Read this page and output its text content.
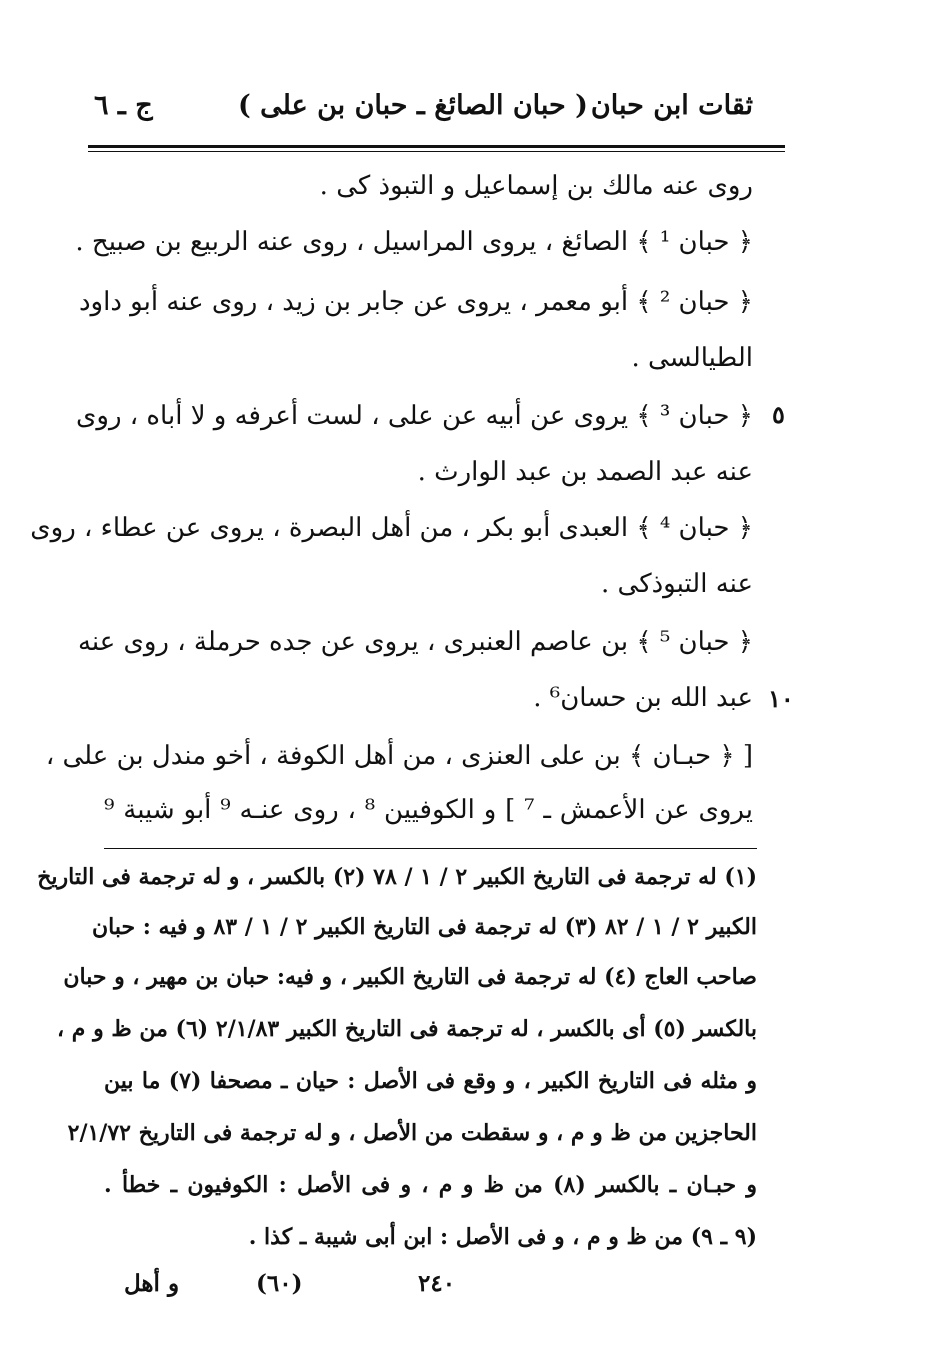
ثقات ابن حبان
( حبان الصائغ ـ حبان بن على )
ج ـ ٦
روى عنه مالك بن إسماعيل و التبوذ كى .
﴿ حبان ¹ ﴾ الصائغ ، يروى المراسيل ، روى عنه الربيع بن صبيح .
﴿ حبان ² ﴾ أبو معمر ، يروى عن جابر بن زيد ، روى عنه أبو داود
الطيالسى .
﴿ حبان ³ ﴾ يروى عن أبيه عن على ، لست أعرفه و لا أباه ، روى
عنه عبد الصمد بن عبد الوارث .
﴿ حبان ⁴ ﴾ العبدى أبو بكر ، من أهل البصرة ، يروى عن عطاء ، روى
عنه التبوذكى .
﴿ حبان ⁵ ﴾ بن عاصم العنبرى ، يروى عن جده حرملة ، روى عنه
عبد الله بن حسان⁶ .
[ ﴿ حبـان ﴾ بن على العنزى ، من أهل الكوفة ، أخو مندل بن على ،
يروى عن الأعمش ـ ⁷ ] و الكوفيين ⁸ ، روى عنـه ⁹ أبو شيبة ⁹
٥
١٠
(١) له ترجمة فى التاريخ الكبير ٢ / ١ / ٧٨ (٢) بالكسر ، و له ترجمة فى التاريخ
الكبير ٢ / ١ / ٨٢ (٣) له ترجمة فى التاريخ الكبير ٢ / ١ / ٨٣ و فيه : حبان
صاحب العاج (٤) له ترجمة فى التاريخ الكبير ، و فيه: حبان بن مهير ، و حبان
بالكسر (٥) أى بالكسر ، له ترجمة فى التاريخ الكبير ٢/١/٨٣ (٦) من ظ و م ،
و مثله فى التاريخ الكبير ، و وقع فى الأصل : حيان ـ مصحفا (٧) ما بين
الحاجزين من ظ و م ، و سقطت من الأصل ، و له ترجمة فى التاريخ ٢/١/٧٢
و حبـان ـ بالكسر (٨) من ظ و م ، و فى الأصل : الكوفيون ـ خطأ .
(٩ ـ ٩) من ظ و م ، و فى الأصل : ابن أبى شيبة ـ كذا .
و أهل	(٦٠)	٢٤٠
